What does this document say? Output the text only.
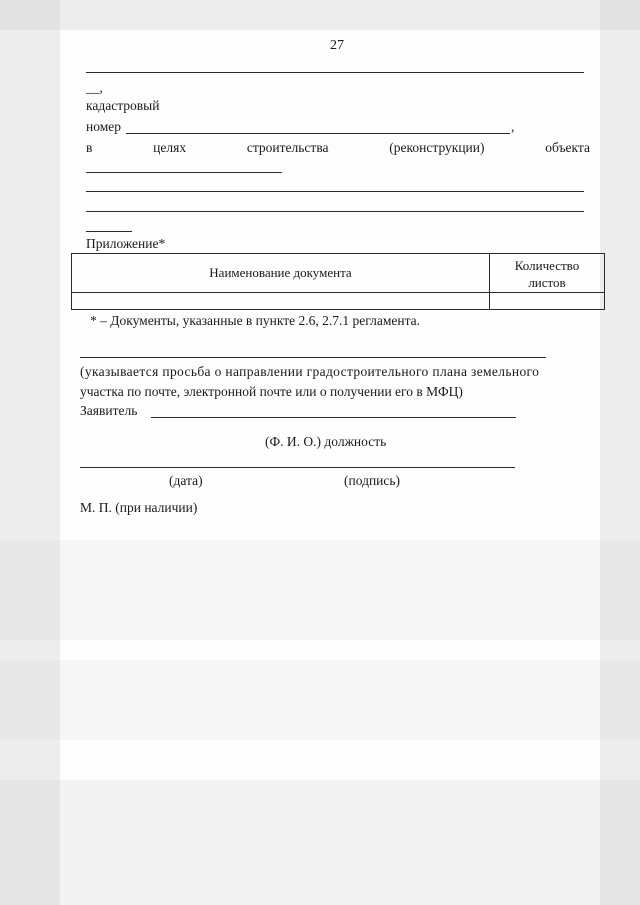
27
__,
кадастровый
номер	,
в	целях	строительства	(реконструкции)	объекта
Приложение*
Наименование документа	Количество
листов

* – Документы, указанные в пункте 2.6, 2.7.1 регламента.
(указывается просьба о направлении градостроительного плана земельного
участка по почте, электронной почте или о получении его в МФЦ)
Заявитель
(Ф. И. О.) должность
(дата)	(подпись)
М. П. (при наличии)
